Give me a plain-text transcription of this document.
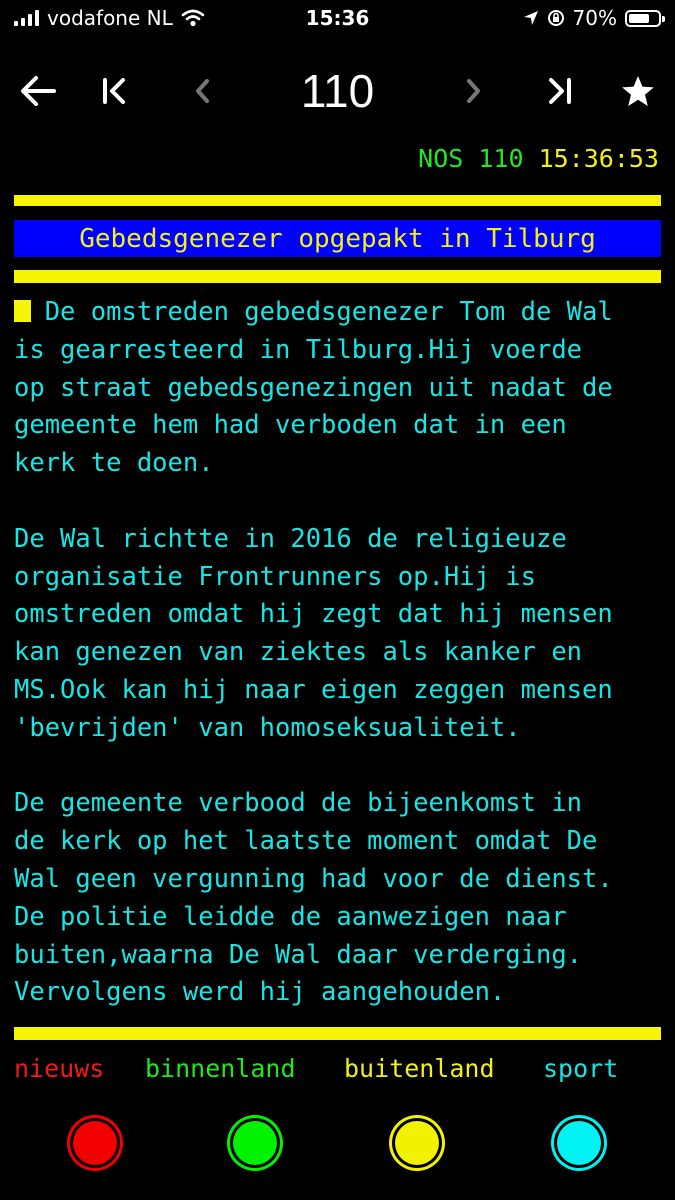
vodafone NL	15:36	70%
110
NOS 110 15:36:53
Gebedsgenezer opgepakt in Tilburg
De omstreden gebedsgenezer Tom de Wal
is gearresteerd in Tilburg.Hij voerde
op straat gebedsgenezingen uit nadat de
gemeente hem had verboden dat in een
kerk te doen.

De Wal richtte in 2016 de religieuze
organisatie Frontrunners op.Hij is
omstreden omdat hij zegt dat hij mensen
kan genezen van ziektes als kanker en
MS.Ook kan hij naar eigen zeggen mensen
'bevrijden' van homoseksualiteit.

De gemeente verbood de bijeenkomst in
de kerk op het laatste moment omdat De
Wal geen vergunning had voor de dienst.
De politie leidde de aanwezigen naar
buiten,waarna De Wal daar verderging.
Vervolgens werd hij aangehouden.
nieuws binnenland buitenland sport
